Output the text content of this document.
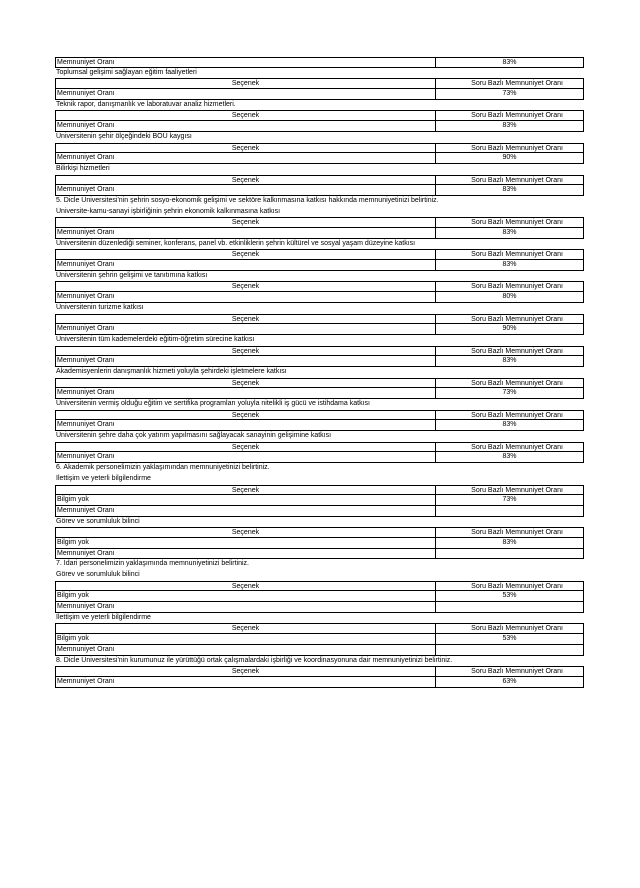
Memnuniyet Oranı	83%
Toplumsal gelişimi sağlayan eğitim faaliyetleri
Seçenek	Soru Bazlı Memnuniyet Oranı
Memnuniyet Oranı	73%
Teknik rapor, danışmanlık ve laboratuvar analiz hizmetleri.
Seçenek	Soru Bazlı Memnuniyet Oranı
Memnuniyet Oranı	83%
Üniversitenin şehir ölçeğindeki BOÜ kaygısı
Seçenek	Soru Bazlı Memnuniyet Oranı
Memnuniyet Oranı	90%
Bilirkişi hizmetleri
Seçenek	Soru Bazlı Memnuniyet Oranı
Memnuniyet Oranı	83%
5. Dicle Üniversitesi'nin şehrin sosyo-ekonomik gelişimi ve sektöre kalkınmasına katkısı hakkında memnuniyetinizi belirtiniz.
Üniversite-kamu-sanayi işbirliğinin şehrin ekonomik kalkınmasına katkısı
Seçenek	Soru Bazlı Memnuniyet Oranı
Memnuniyet Oranı	83%
Üniversitenin düzenlediği seminer, konferans, panel vb. etkinliklerin şehrin kültürel ve sosyal yaşam düzeyine katkısı
Seçenek	Soru Bazlı Memnuniyet Oranı
Memnuniyet Oranı	83%
Üniversitenin şehrin gelişimi ve tanıtımına katkısı
Seçenek	Soru Bazlı Memnuniyet Oranı
Memnuniyet Oranı	80%
Üniversitenin turizme katkısı
Seçenek	Soru Bazlı Memnuniyet Oranı
Memnuniyet Oranı	90%
Üniversitenin tüm kademelerdeki eğitim-öğretim sürecine katkısı
Seçenek	Soru Bazlı Memnuniyet Oranı
Memnuniyet Oranı	83%
Akademisyenlerin danışmanlık hizmeti yoluyla şehirdeki işletmelere katkısı
Seçenek	Soru Bazlı Memnuniyet Oranı
Memnuniyet Oranı	73%
Üniversitenin vermiş olduğu eğitim ve sertifika programları yoluyla nitelikli iş gücü ve istihdama katkısı
Seçenek	Soru Bazlı Memnuniyet Oranı
Memnuniyet Oranı	83%
Üniversitenin şehre daha çok yatırım yapılmasını sağlayacak sanayinin gelişimine katkısı
Seçenek	Soru Bazlı Memnuniyet Oranı
Memnuniyet Oranı	83%
6. Akademik personelimizin yaklaşımından memnuniyetinizi belirtiniz.
İlettişim ve yeterli bilgilendirme
Seçenek	Soru Bazlı Memnuniyet Oranı
Bilgim yok	73%
Memnuniyet Oranı
Görev ve sorumluluk bilinci
Seçenek	Soru Bazlı Memnuniyet Oranı
Bilgim yok	83%
Memnuniyet Oranı
7. İdari personelimizin yaklaşımında memnuniyetinizi belirtiniz.
Görev ve sorumluluk bilinci
Seçenek	Soru Bazlı Memnuniyet Oranı
Bilgim yok	53%
Memnuniyet Oranı
İlettişim ve yeterli bilgilendirme
Seçenek	Soru Bazlı Memnuniyet Oranı
Bilgim yok	53%
Memnuniyet Oranı
8. Dicle Üniversitesi'nin kurumunuz ile yürüttüğü ortak çalışmalardaki işbirliği ve koordinasyonuna dair memnuniyetinizi belirtiniz.
Seçenek	Soru Bazlı Memnuniyet Oranı
Memnuniyet Oranı	63%
